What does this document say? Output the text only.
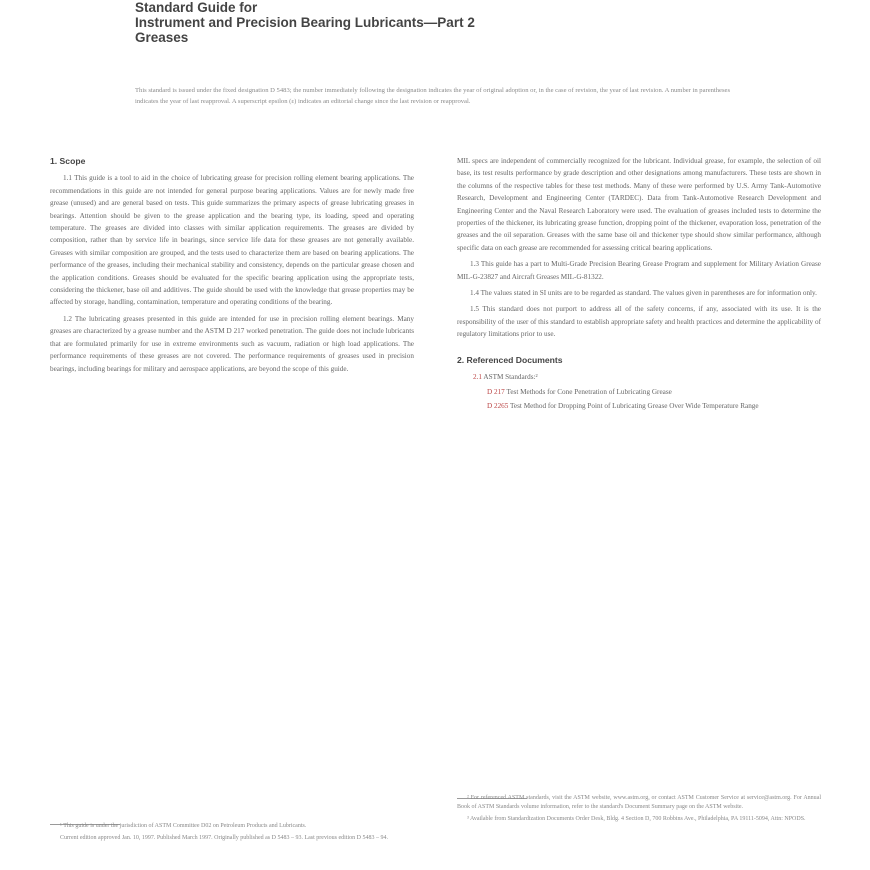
Standard Guide for
Instrument and Precision Bearing Lubricants—Part 2
Greases
This standard is issued under the fixed designation D 5483; the number immediately following the designation indicates the year of original adoption or, in the case of revision, the year of last revision. A number in parentheses indicates the year of last reapproval. A superscript epsilon (ε) indicates an editorial change since the last revision or reapproval.
1. Scope

1.1 This guide is a tool to aid in the choice of lubricating grease for precision rolling element bearing applications. The recommendations in this guide are not intended for general purpose bearing applications. Values are for newly made free grease (unused) and are general based on tests. This guide summarizes the primary aspects of grease lubricating greases in bearings. Attention should be given to the grease application and the bearing type, its loading, speed and operating temperature. The greases are divided into classes with similar application requirements. The greases are divided by composition, rather than by service life in bearings, since service life data for these greases are not generally available. Greases with similar composition are grouped, and the tests used to characterize them are based on bearing applications. The performance of the greases, including their mechanical stability and consistency, depends on the particular grease chosen and the application conditions. Greases should be evaluated for the specific bearing application using the appropriate tests, considering the thickener, base oil and additives. The guide should be used with the knowledge that grease properties may be affected by storage, handling, contamination, temperature and operating conditions of the bearing.

1.2 The lubricating greases presented in this guide are intended for use in precision rolling element bearings. Many greases are characterized by a grease number and the ASTM D 217 worked penetration. The guide does not include lubricants that are formulated primarily for use in extreme environments such as vacuum, radiation or high load applications. The performance requirements of these greases are not covered. The performance requirements of greases used in precision bearings, including bearings for military and aerospace applications, are beyond the scope of this guide.

¹ This guide is under the jurisdiction of ASTM Committee D02 on Petroleum Products and Lubricants.

Current edition approved Jan. 10, 1997. Published March 1997. Originally published as D 5483 – 93. Last previous edition D 5483 – 94.

MIL specs are independent of commercially recognized for the lubricant. Individual grease, for example, the selection of oil base, its test results performance by grade description and other designations among manufacturers. These tests are shown in the columns of the respective tables for these test methods. Many of these were performed by U.S. Army Tank-Automotive Research, Development and Engineering Center (TARDEC). Data from Tank-Automotive Research Development and Engineering Center and the Naval Research Laboratory were used. The evaluation of greases included tests to determine the properties of the thickener, its lubricating grease function, dropping point of the thickener, evaporation loss, penetration of the greases and the oil separation. Greases with the same base oil and thickener type should show similar performance, although specific data on each grease are recommended for assessing critical bearing applications.

1.3 This guide has a part to Multi-Grade Precision Bearing Grease Program and supplement for Military Aviation Grease MIL-G-23827 and Aircraft Greases MIL-G-81322.

1.4 The values stated in SI units are to be regarded as standard. The values given in parentheses are for information only.

1.5 This standard does not purport to address all of the safety concerns, if any, associated with its use. It is the responsibility of the user of this standard to establish appropriate safety and health practices and determine the applicability of regulatory limitations prior to use.

2. Referenced Documents
2.1 ASTM Standards:²
D 217 Test Methods for Cone Penetration of Lubricating Grease
D 2265 Test Method for Dropping Point of Lubricating Grease Over Wide Temperature Range

² For referenced ASTM standards, visit the ASTM website, www.astm.org, or contact ASTM Customer Service at service@astm.org. For Annual Book of ASTM Standards volume information, refer to the standard's Document Summary page on the ASTM website.

³ Available from Standardization Documents Order Desk, Bldg. 4 Section D, 700 Robbins Ave., Philadelphia, PA 19111-5094, Attn: NPODS.
